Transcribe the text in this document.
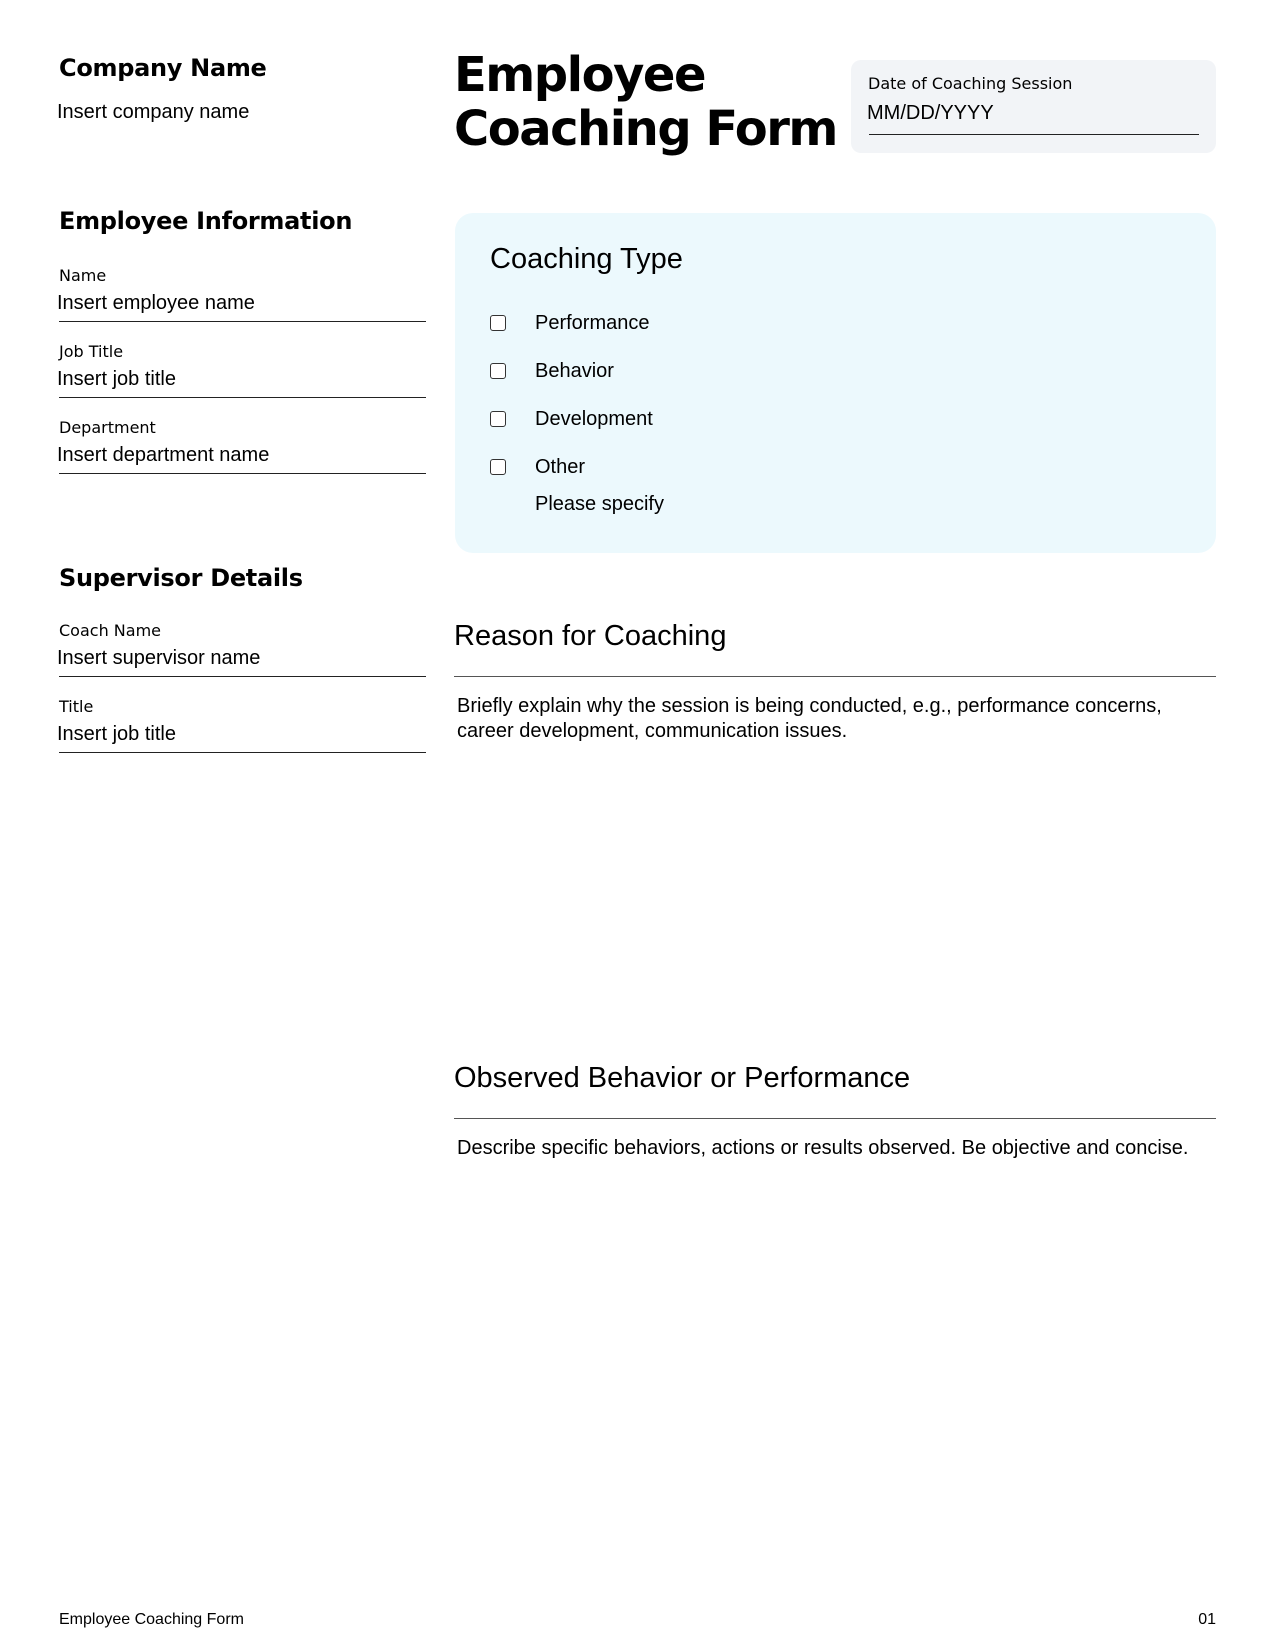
Company Name
Insert company name
Employee Information
Name
Insert employee name
Job Title
Insert job title
Department
Insert department name
Supervisor Details
Coach Name
Insert supervisor name
Title
Insert job title
Employee
Coaching Form
Date of Coaching Session
MM/DD/YYYY
Coaching Type
Performance
Behavior
Development
Other
Please specify
Reason for Coaching
Briefly explain why the session is being conducted, e.g., performance concerns, career development, communication issues.
Observed Behavior or Performance
Describe specific behaviors, actions or results observed. Be objective and concise.
Employee Coaching Form	01
